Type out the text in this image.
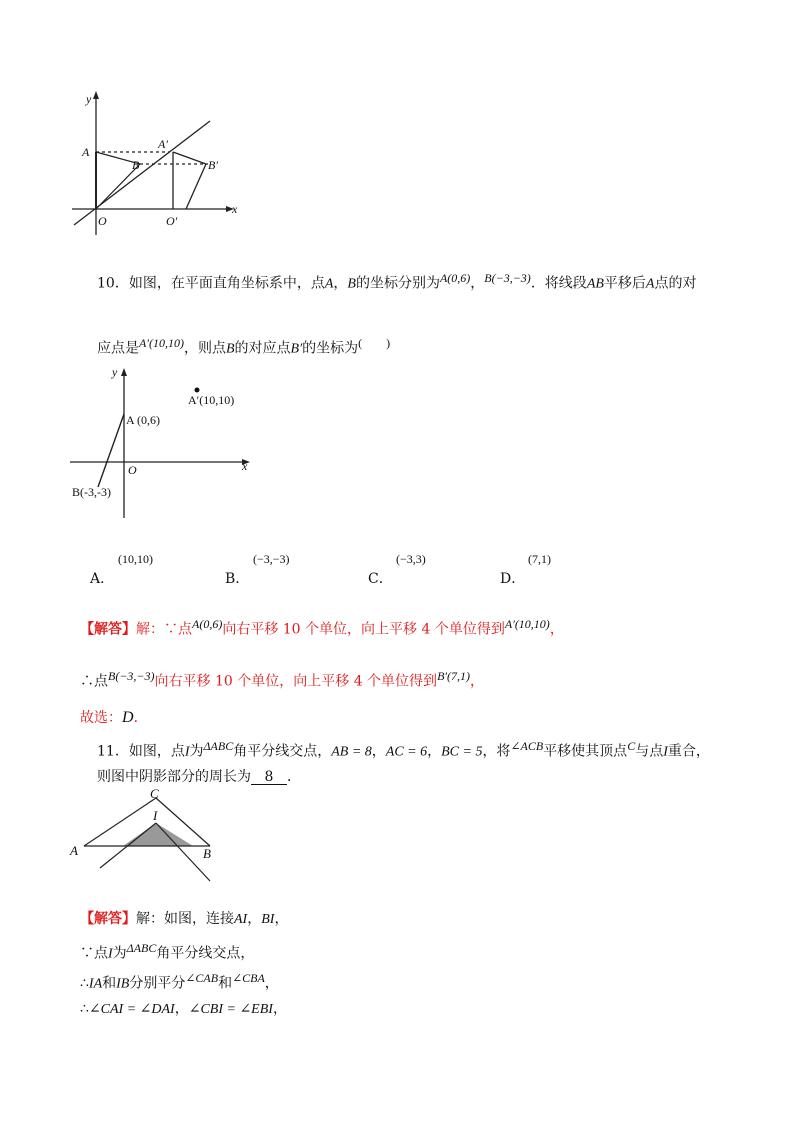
y
x
A
A′
B	B′
O	O′
10．如图，在平面直角坐标系中，点A，B的坐标分别为$^{A(0,6)}$，$^{B(-3,-3)}$．将线段AB平移后A点的对
应点是$^{A'(10,10)}$，则点B的对应点B′的坐标为(　　)
y
x
O
A (0,6)
B(-3,-3)
A′(10,10)
$^{(10,10)}$
A．
$^{(-3,-3)}$
B．
$^{(-3,3)}$
C．
$^{(7,1)}$
D．
【解答】解：∵点$^{A(0,6)}$向右平移 10 个单位，向上平移 4 个单位得到$^{A'(10,10)}$，
∴点$^{B(-3,-3)}$向右平移 10 个单位，向上平移 4 个单位得到$^{B'(7,1)}$，
故选：D．
11．如图，点I为$^{\Delta ABC}$角平分线交点，AB = 8，AC = 6，BC = 5，将$^{\angle ACB}$平移使其顶点$^C$与点I重合，
则图中阴影部分的周长为 8 ．
C
I
A	B
【解答】解：如图，连接AI，BI，
∵点I为$^{\Delta ABC}$角平分线交点，
∴IA和IB分别平分$^{\angle CAB}$和$^{\angle CBA}$，
∴∠CAI = ∠DAI，∠CBI = ∠EBI，
